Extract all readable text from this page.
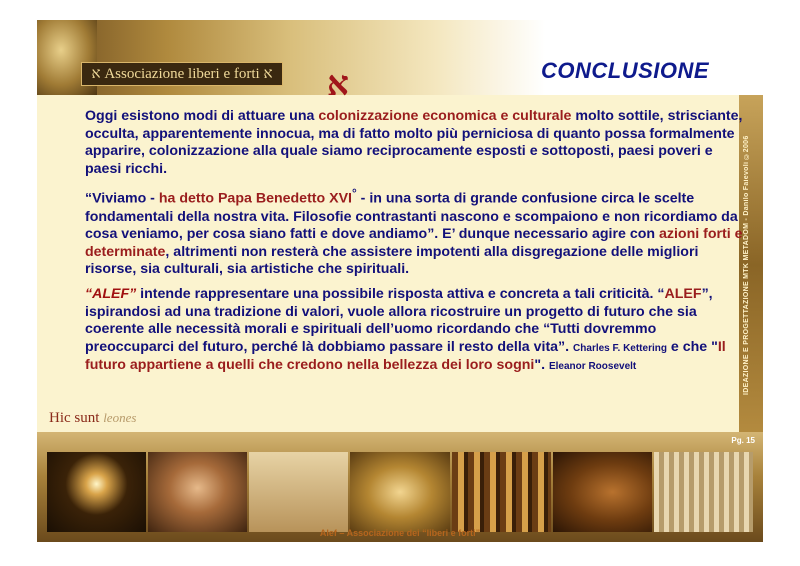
א Associazione liberi e forti א	א	CONCLUSIONE
IDEAZIONE E PROGETTAZIONE MTK METADOM - Danilo Faievoli ©2006

Oggi esistono modi di attuare una colonizzazione economica e culturale molto sottile, strisciante, occulta, apparentemente innocua, ma di fatto molto più perniciosa di quanto possa formalmente apparire, colonizzazione alla quale siamo reciprocamente esposti e sottoposti, paesi poveri e paesi ricchi.

“Viviamo - ha detto Papa Benedetto XVI° - in una sorta di grande confusione circa le scelte fondamentali della nostra vita. Filosofie contrastanti nascono e scompaiono e non ricordiamo da cosa veniamo, per cosa siano fatti e dove andiamo”. E’ dunque necessario agire con azioni forti e determinate, altrimenti non resterà che assistere impotenti alla disgregazione delle migliori risorse, sia culturali, sia artistiche che spirituali.

“ALEF” intende rappresentare una possibile risposta attiva e concreta a tali criticità. “ALEF”, ispirandosi ad una tradizione di valori, vuole allora ricostruire un progetto di futuro che sia coerente alle necessità morali e spirituali dell’uomo ricordando che “Tutti dovremmo preoccuparci del futuro, perché là dobbiamo passare il resto della vita”. Charles F. Kettering e che "Il futuro appartiene a quelli che credono nella bellezza dei loro sogni". Eleanor Roosevelt

Hic sunt leones
Pg. 15
Alef – Associazione dei “liberi e forti”
